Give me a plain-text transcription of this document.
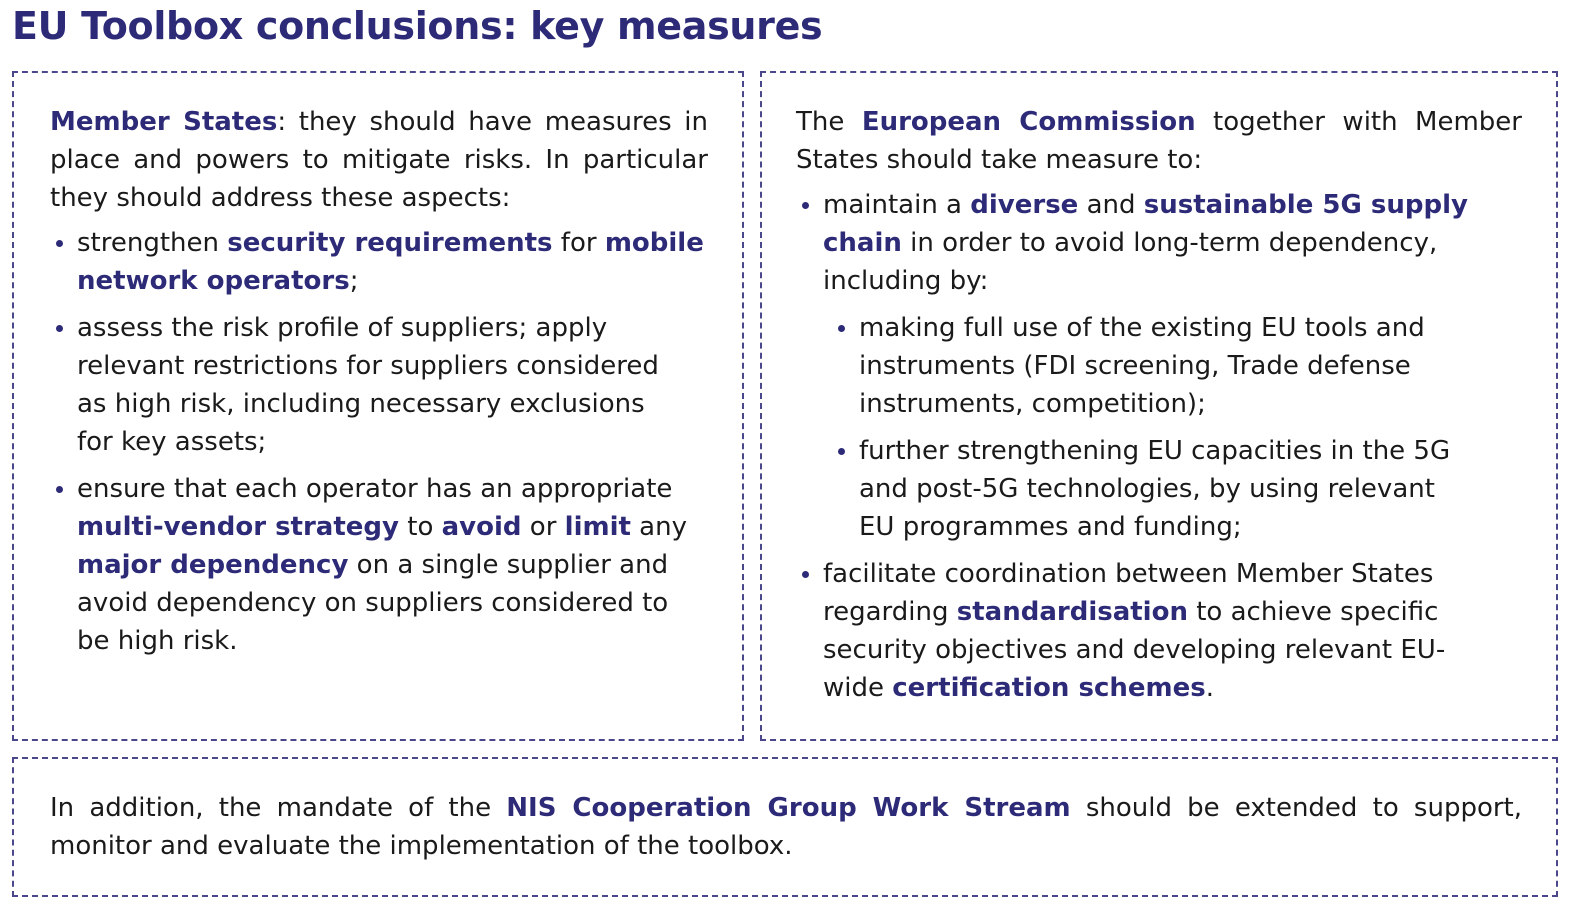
EU Toolbox conclusions: key measures

Member States: they should have measures in place and powers to mitigate risks. In particular they should address these aspects:

strengthen security requirements for mobile network operators;
assess the risk profile of suppliers; apply relevant restrictions for suppliers considered as high risk, including necessary exclusions for key assets;
ensure that each operator has an appropriate multi-vendor strategy to avoid or limit any major dependency on a single supplier and avoid dependency on suppliers considered to be high risk.

The European Commission together with Member States should take measure to:

maintain a diverse and sustainable 5G supply chain in order to avoid long-term dependency, including by:
making full use of the existing EU tools and instruments (FDI screening, Trade defense instruments, competition);
further strengthening EU capacities in the 5G and post-5G technologies, by using relevant EU programmes and funding;
facilitate coordination between Member States regarding standardisation to achieve specific security objectives and developing relevant EU-wide certification schemes.

In addition, the mandate of the NIS Cooperation Group Work Stream should be extended to support, monitor and evaluate the implementation of the toolbox.
